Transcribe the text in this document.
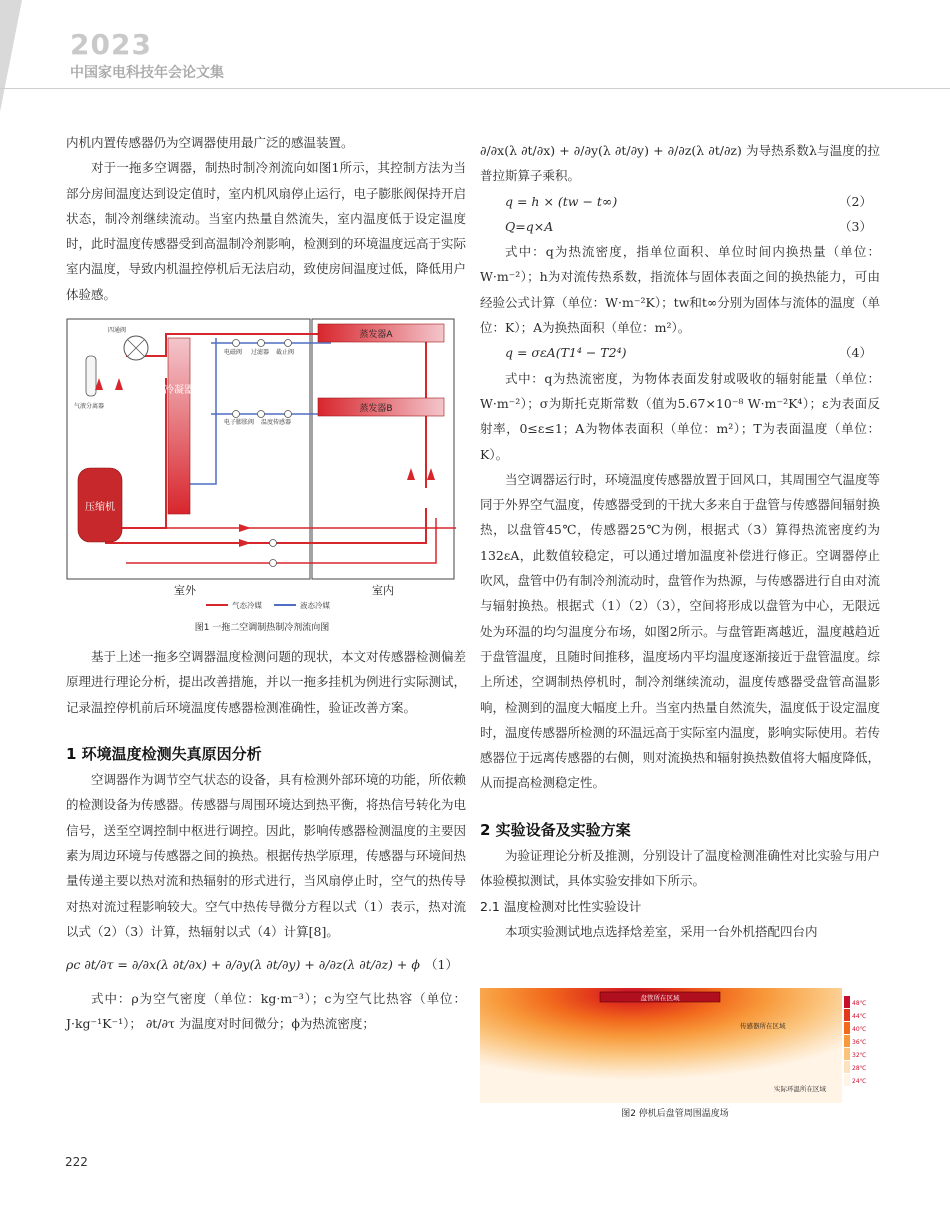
2023
中国家电科技年会论文集

内机内置传感器仍为空调器使用最广泛的感温装置。

对于一拖多空调器，制热时制冷剂流向如图1所示，其控制方法为当部分房间温度达到设定值时，室内机风扇停止运行，电子膨胀阀保持开启状态，制冷剂继续流动。当室内热量自然流失，室内温度低于设定温度时，此时温度传感器受到高温制冷剂影响，检测到的环境温度远高于实际室内温度，导致内机温控停机后无法启动，致使房间温度过低，降低用户体验感。

冷凝器
蒸发器A
蒸发器B
压缩机
四通阀
气液分离器
电磁阀 过滤器 截止阀
电子膨胀阀 温度传感器
室外	室内
气态冷媒	液态冷媒
图1 一拖二空调制热制冷剂流向图

基于上述一拖多空调器温度检测问题的现状，本文对传感器检测偏差原理进行理论分析，提出改善措施，并以一拖多挂机为例进行实际测试，记录温控停机前后环境温度传感器检测准确性，验证改善方案。

1 环境温度检测失真原因分析

空调器作为调节空气状态的设备，具有检测外部环境的功能，所依赖的检测设备为传感器。传感器与周围环境达到热平衡，将热信号转化为电信号，送至空调控制中枢进行调控。因此，影响传感器检测温度的主要因素为周边环境与传感器之间的换热。根据传热学原理，传感器与环境间热量传递主要以热对流和热辐射的形式进行，当风扇停止时，空气的热传导对热对流过程影响较大。空气中热传导微分方程以式（1）表示，热对流以式（2）（3）计算，热辐射以式（4）计算[8]。

ρc ∂t/∂τ = ∂/∂x(λ ∂t/∂x) + ∂/∂y(λ ∂t/∂y) + ∂/∂z(λ ∂t/∂z) + ϕ （1）

式中：ρ为空气密度（单位：kg·m⁻³）；c为空气比热容（单位：J·kg⁻¹K⁻¹）； ∂t/∂τ 为温度对时间微分；ϕ为热流密度；

∂/∂x(λ ∂t/∂x) + ∂/∂y(λ ∂t/∂y) + ∂/∂z(λ ∂t/∂z) 为导热系数λ与温度的拉普拉斯算子乘积。

q = h × (tw − t∞)	（2）
Q=q×A	（3）

式中：q为热流密度，指单位面积、单位时间内换热量（单位：W·m⁻²）；h为对流传热系数，指流体与固体表面之间的换热能力，可由经验公式计算（单位：W·m⁻²K）；tw和t∞分别为固体与流体的温度（单位：K）；A为换热面积（单位：m²）。

q = σεA(T1⁴ − T2⁴)	（4）

式中：q为热流密度，为物体表面发射或吸收的辐射能量（单位：W·m⁻²）；σ为斯托克斯常数（值为5.67×10⁻⁸ W·m⁻²K⁴）；ε为表面反射率，0≤ε≤1；A为物体表面积（单位：m²）；T为表面温度（单位：K）。

当空调器运行时，环境温度传感器放置于回风口，其周围空气温度等同于外界空气温度，传感器受到的干扰大多来自于盘管与传感器间辐射换热，以盘管45℃，传感器25℃为例，根据式（3）算得热流密度约为132εA，此数值较稳定，可以通过增加温度补偿进行修正。空调器停止吹风，盘管中仍有制冷剂流动时，盘管作为热源，与传感器进行自由对流与辐射换热。根据式（1）（2）（3），空间将形成以盘管为中心，无限远处为环温的均匀温度分布场，如图2所示。与盘管距离越近，温度越趋近于盘管温度，且随时间推移，温度场内平均温度逐渐接近于盘管温度。综上所述，空调制热停机时，制冷剂继续流动，温度传感器受盘管高温影响，检测到的温度大幅度上升。当室内热量自然流失，温度低于设定温度时，温度传感器所检测的环温远高于实际室内温度，影响实际使用。若传感器位于远离传感器的右侧，则对流换热和辐射换热数值将大幅度降低，从而提高检测稳定性。

2 实验设备及实验方案

为验证理论分析及推测，分别设计了温度检测准确性对比实验与用户体验模拟测试，具体实验安排如下所示。

2.1 温度检测对比性实验设计

本项实验测试地点选择焓差室，采用一台外机搭配四台内

盘管所在区域
传感器所在区域
实际环温所在区域
48℃
44℃
40℃
36℃
32℃
28℃
24℃
图2 停机后盘管周围温度场
222
